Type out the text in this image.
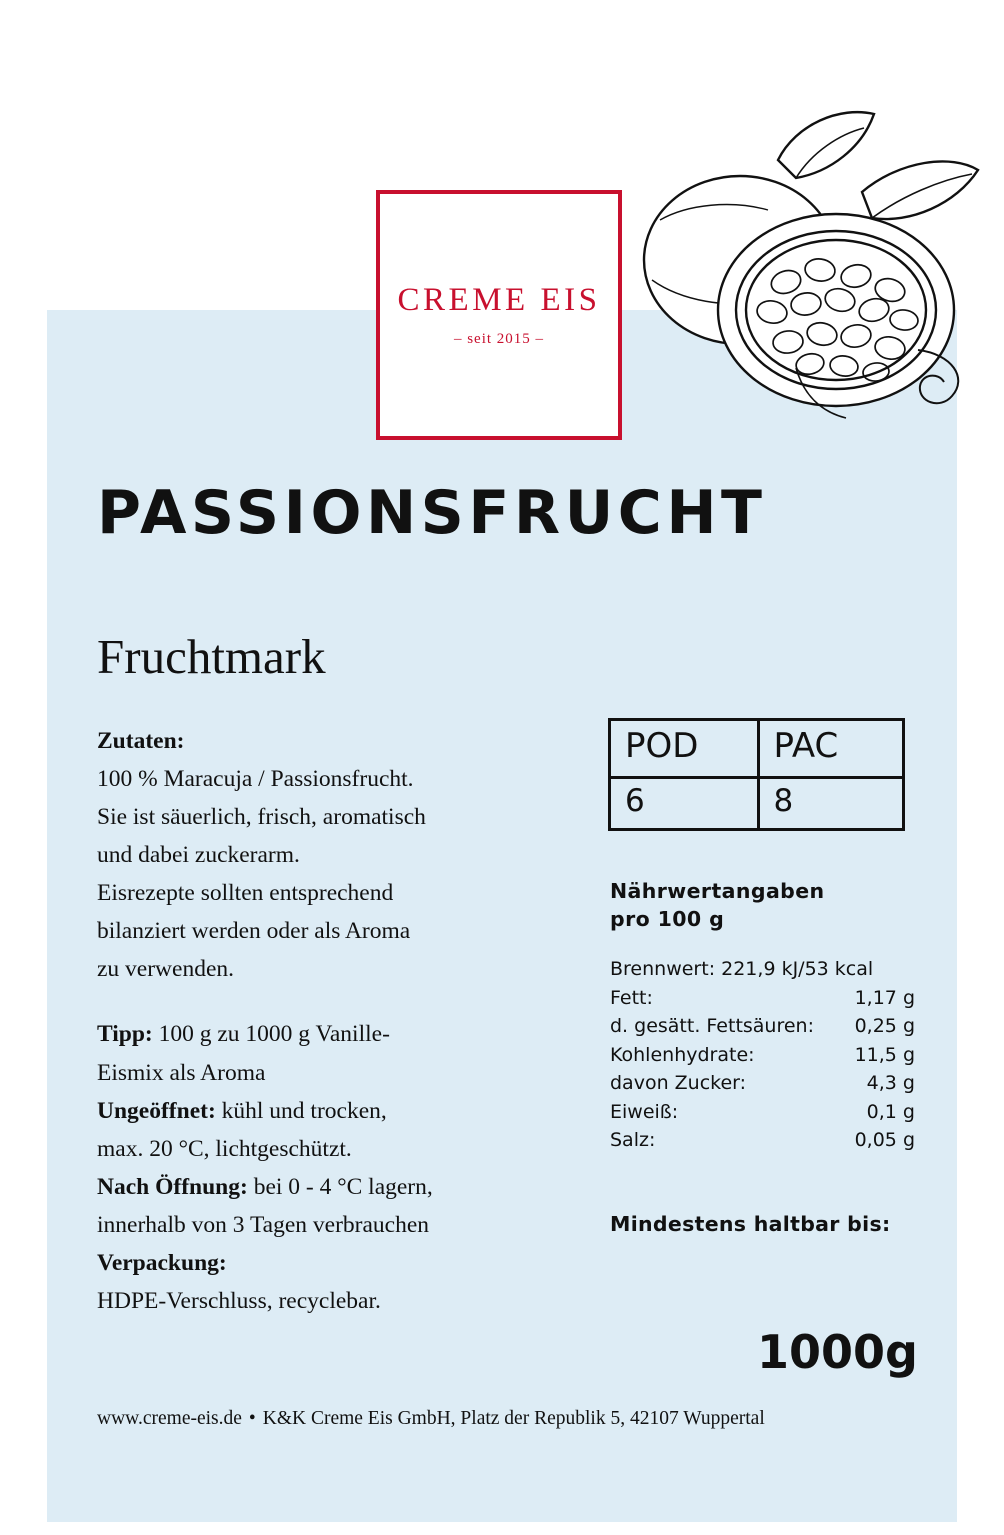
CREME EIS
– seit 2015 –
PASSIONSFRUCHT
Fruchtmark

Zutaten:

100 % Maracuja / Passionsfrucht.

Sie ist säuerlich, frisch, aromatisch

und dabei zuckerarm.

Eisrezepte sollten entsprechend

bilanziert werden oder als Aroma

zu verwenden.

Tipp: 100 g zu 1000 g Vanille-

Eismix als Aroma

Ungeöffnet: kühl und trocken,

max. 20 °C, lichtgeschützt.

Nach Öffnung: bei 0 - 4 °C lagern,

innerhalb von 3 Tagen verbrauchen

Verpackung:

HDPE-Verschluss, recyclebar.

POD	PAC
6	8
Nährwertangaben
pro 100 g
Brennwert: 221,9 kJ/53 kcal
Fett:	1,17 g
d. gesätt. Fettsäuren:	0,25 g
Kohlenhydrate:	11,5 g
davon Zucker:	4,3 g
Eiweiß:	0,1 g
Salz:	0,05 g
Mindestens haltbar bis:
1000g
www.creme-eis.de • K&K Creme Eis GmbH, Platz der Republik 5, 42107 Wuppertal
